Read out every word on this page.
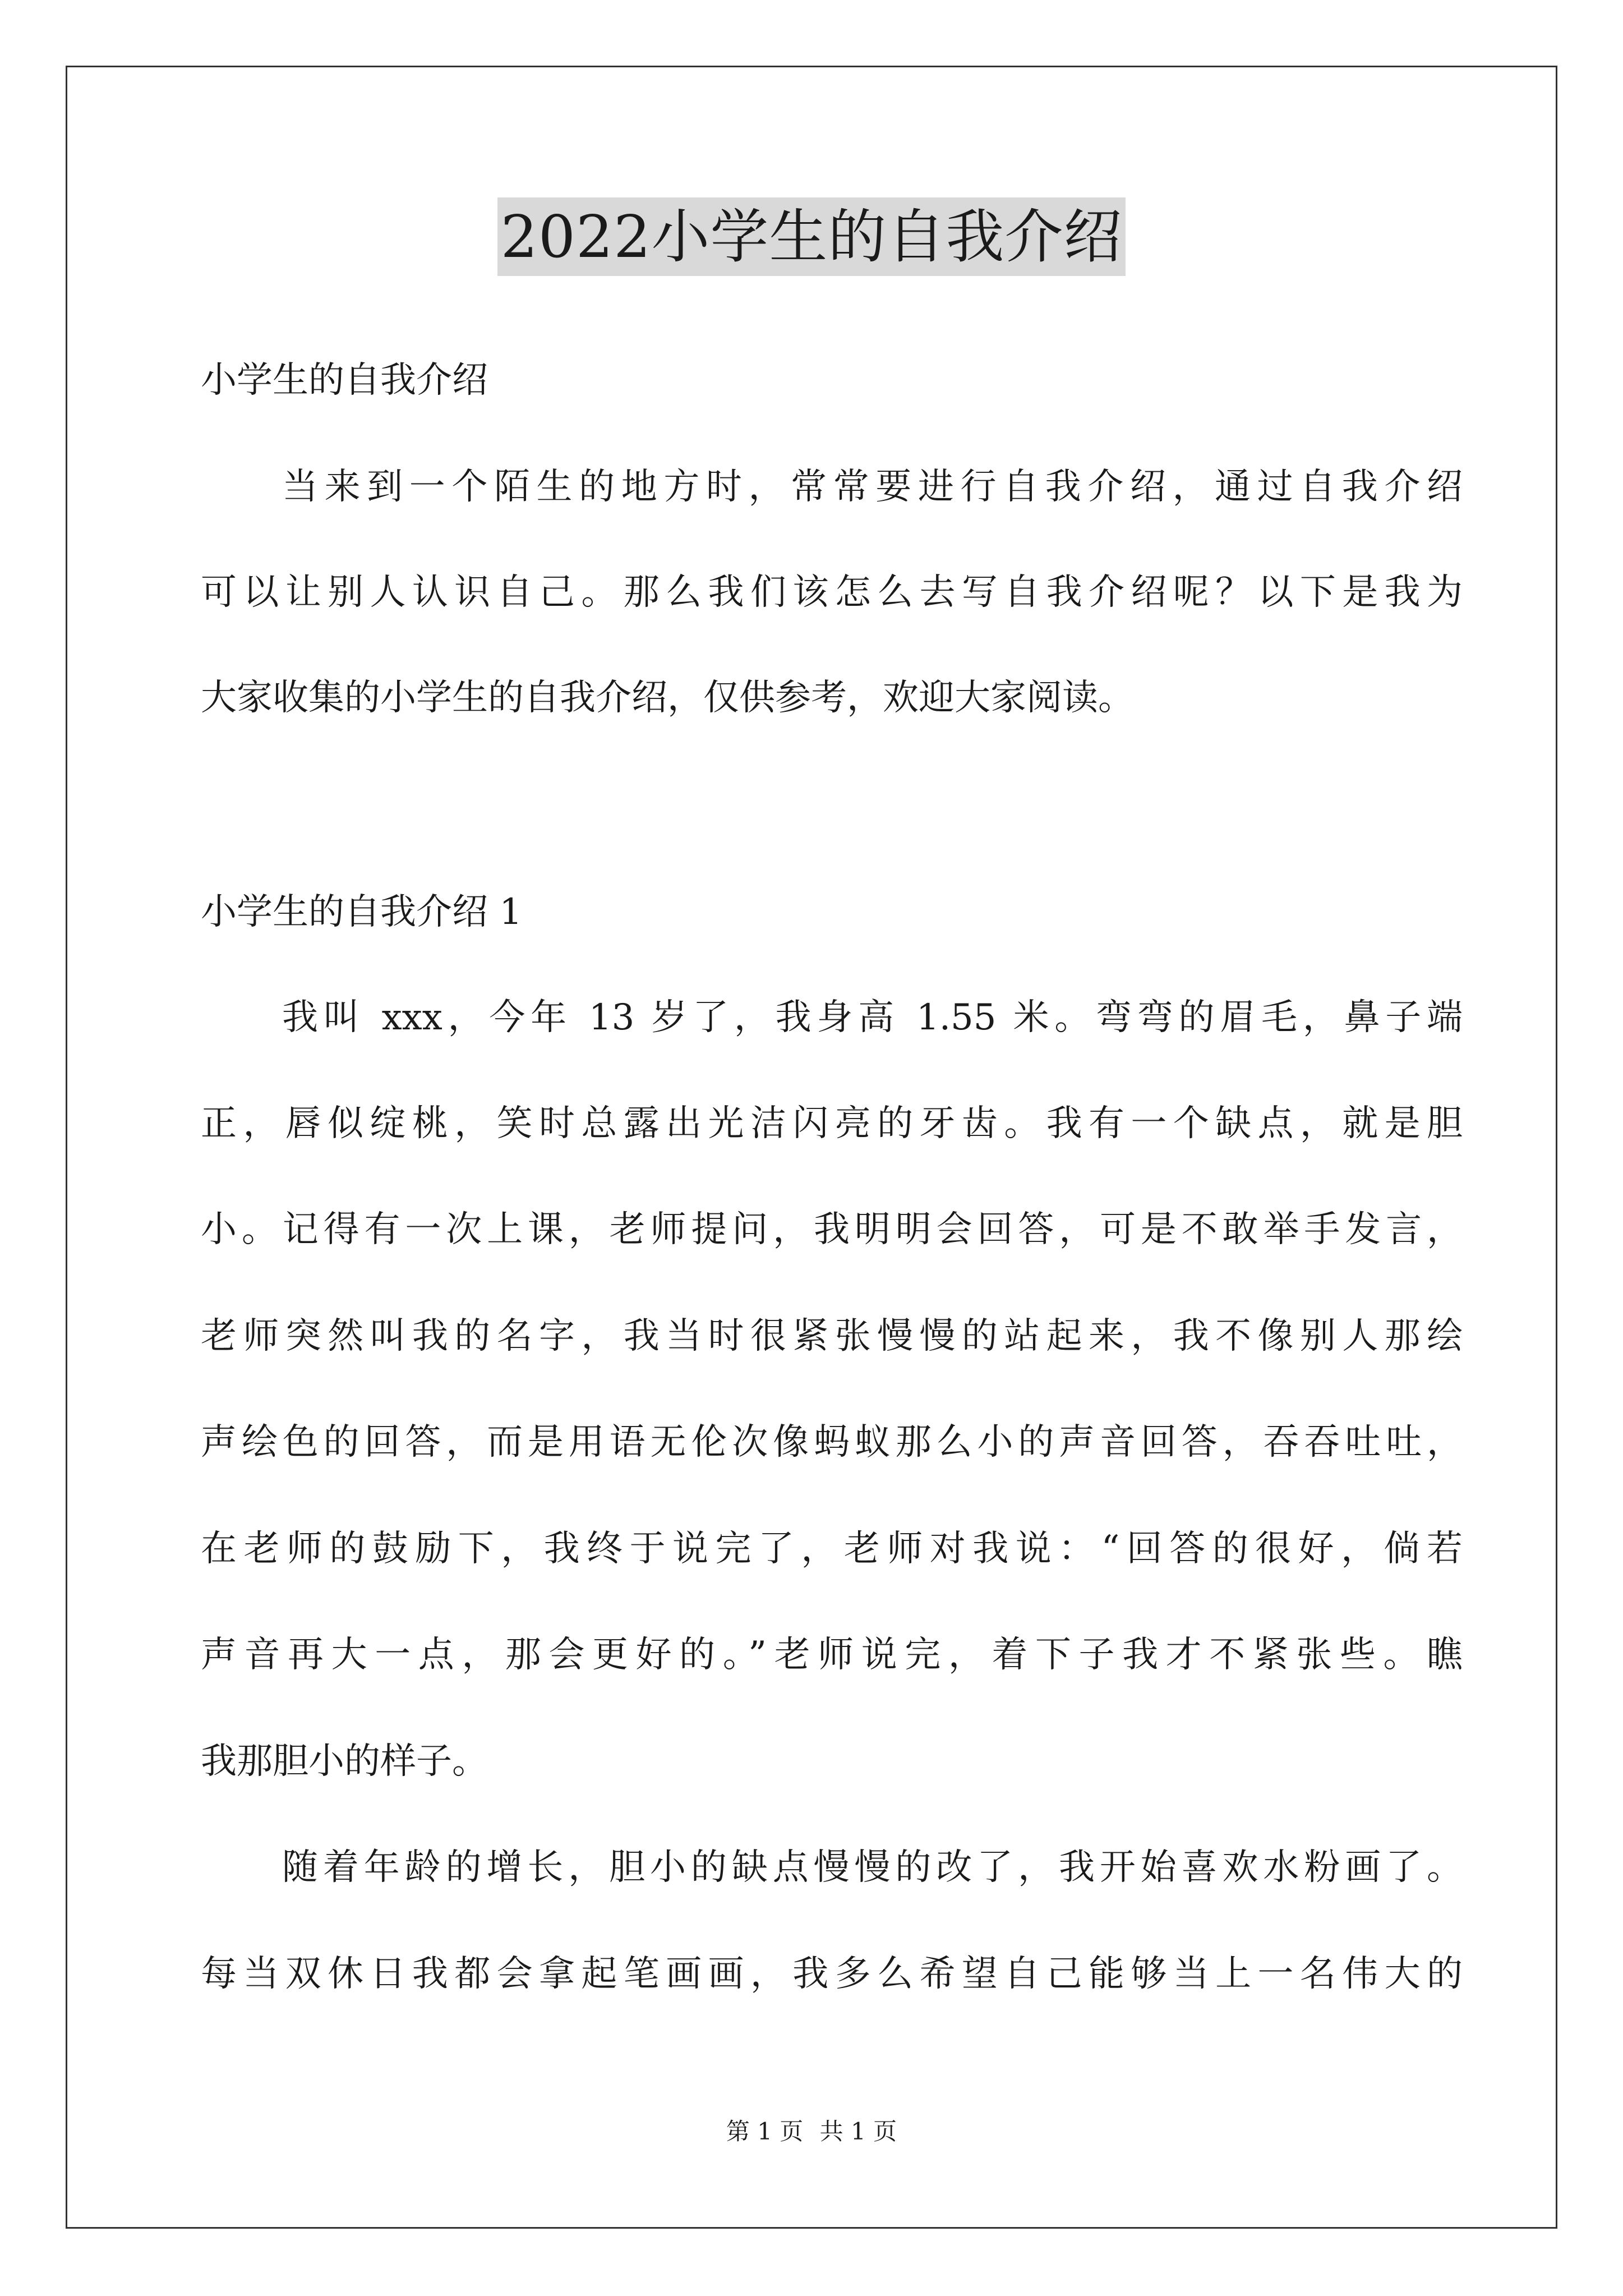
2022小学生的自我介绍
小学生的自我介绍
当来到一个陌生的地方时，常常要进行自我介绍，通过自我介绍
可以让别人认识自己。那么我们该怎么去写自我介绍呢？以下是我为
大家收集的小学生的自我介绍，仅供参考，欢迎大家阅读。
小学生的自我介绍 1
我叫 xxx，今年 13 岁了，我身高 1.55 米。弯弯的眉毛，鼻子端
正，唇似绽桃，笑时总露出光洁闪亮的牙齿。我有一个缺点，就是胆
小。记得有一次上课，老师提问，我明明会回答，可是不敢举手发言，
老师突然叫我的名字，我当时很紧张慢慢的站起来，我不像别人那绘
声绘色的回答，而是用语无伦次像蚂蚁那么小的声音回答，吞吞吐吐，
在老师的鼓励下，我终于说完了，老师对我说：“回答的很好，倘若
声音再大一点，那会更好的。”老师说完，着下子我才不紧张些。瞧
我那胆小的样子。
随着年龄的增长，胆小的缺点慢慢的改了，我开始喜欢水粉画了。
每当双休日我都会拿起笔画画，我多么希望自己能够当上一名伟大的
第 1 页 共 1 页
